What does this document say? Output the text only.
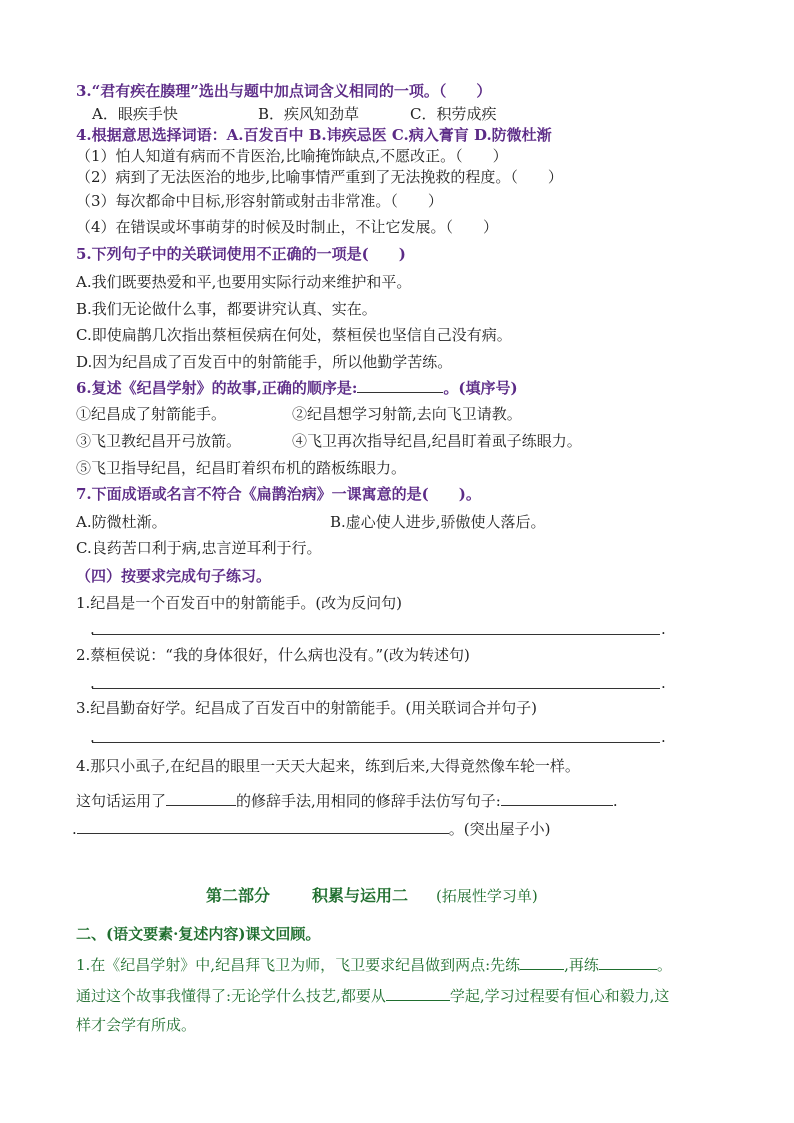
3.“君有疾在腠理”选出与题中加点词含义相同的一项。（　　）
A．眼疾手快	B．疾风知劲草	C．积劳成疾
4.根据意思选择词语：A.百发百中 B.讳疾忌医 C.病入膏肓 D.防微杜渐
（1）怕人知道有病而不肯医治,比喻掩饰缺点,不愿改正。（　　）
（2）病到了无法医治的地步,比喻事情严重到了无法挽救的程度。（　　）
（3）每次都命中目标,形容射箭或射击非常准。（　　）
（4）在错误或坏事萌芽的时候及时制止，不让它发展。（　　）
5.下列句子中的关联词使用不正确的一项是(　　)
A.我们既要热爱和平,也要用实际行动来维护和平。
B.我们无论做什么事，都要讲究认真、实在。
C.即使扁鹊几次指出蔡桓侯病在何处，蔡桓侯也坚信自己没有病。
D.因为纪昌成了百发百中的射箭能手，所以他勤学苦练。
6.复述《纪昌学射》的故事,正确的顺序是:	。(填序号)
①纪昌成了射箭能手。	②纪昌想学习射箭,去向飞卫请教。
③飞卫教纪昌开弓放箭。	④飞卫再次指导纪昌,纪昌盯着虱子练眼力。
⑤飞卫指导纪昌，纪昌盯着织布机的踏板练眼力。
7.下面成语或名言不符合《扁鹊治病》一课寓意的是(　　)。
A.防微杜渐。	B.虚心使人进步,骄傲使人落后。
C.良药苦口利于病,忠言逆耳利于行。
（四）按要求完成句子练习。
1.纪昌是一个百发百中的射箭能手。(改为反问句)
.	.
2.蔡桓侯说：“我的身体很好，什么病也没有。”(改为转述句)
.	.
3.纪昌勤奋好学。纪昌成了百发百中的射箭能手。(用关联词合并句子)
.	.
4.那只小虱子,在纪昌的眼里一天天大起来，练到后来,大得竟然像车轮一样。
这句话运用了	的修辞手法,用相同的修辞手法仿写句子:	.
.	。(突出屋子小)
第二部分	积累与运用二 (拓展性学习单)
二、(语文要素·复述内容)课文回顾。
1.在《纪昌学射》中,纪昌拜飞卫为师，飞卫要求纪昌做到两点:先练	,再练	。
通过这个故事我懂得了:无论学什么技艺,都要从	学起,学习过程要有恒心和毅力,这
样才会学有所成。
